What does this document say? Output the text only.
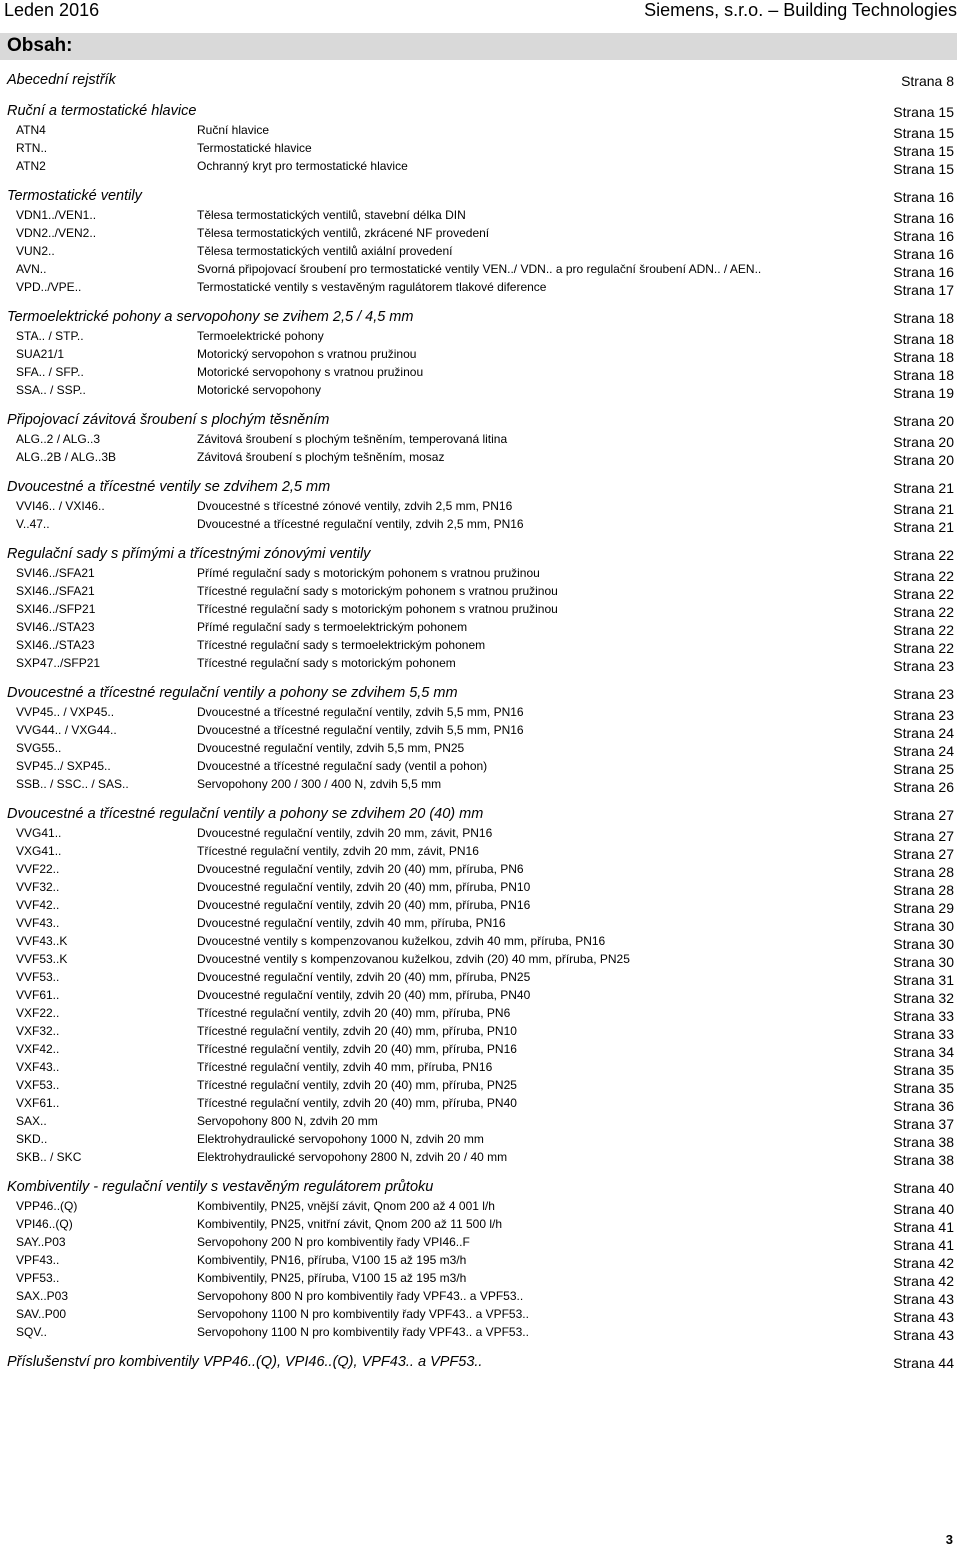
Leden 2016	Siemens, s.r.o. – Building Technologies
Obsah:
Abecední rejstřík	Strana 8
Ruční a termostatické hlavice	Strana 15
ATN4	Ruční hlavice	Strana 15
RTN..	Termostatické hlavice	Strana 15
ATN2	Ochranný kryt pro termostatické hlavice	Strana 15
Termostatické ventily	Strana 16
VDN1../VEN1..	Tělesa termostatických ventilů, stavební délka DIN	Strana 16
VDN2../VEN2..	Tělesa termostatických ventilů, zkrácené NF provedení	Strana 16
VUN2..	Tělesa termostatických ventilů axiální provedení	Strana 16
AVN..	Svorná připojovací šroubení pro termostatické ventily VEN../ VDN.. a pro regulační šroubení ADN.. / AEN..	Strana 16
VPD../VPE..	Termostatické ventily s vestavěným ragulátorem tlakové diference	Strana 17
Termoelektrické pohony a servopohony se zvihem 2,5 / 4,5 mm	Strana 18
STA.. / STP..	Termoelektrické pohony	Strana 18
SUA21/1	Motorický servopohon s vratnou pružinou	Strana 18
SFA.. / SFP..	Motorické servopohony s vratnou pružinou	Strana 18
SSA.. / SSP..	Motorické servopohony	Strana 19
Připojovací závitová šroubení s plochým těsněním	Strana 20
ALG..2 / ALG..3	Závitová šroubení s plochým tešněním, temperovaná litina	Strana 20
ALG..2B / ALG..3B	Závitová šroubení s plochým tešněním, mosaz	Strana 20
Dvoucestné a třícestné ventily se zdvihem 2,5 mm	Strana 21
VVI46.. / VXI46..	Dvoucestné s třícestné zónové ventily, zdvih 2,5 mm, PN16	Strana 21
V..47..	Dvoucestné a třícestné regulační ventily, zdvih 2,5 mm, PN16	Strana 21
Regulační sady s přímými a třícestnými zónovými ventily	Strana 22
SVI46../SFA21	Přímé regulační sady s motorickým pohonem s vratnou pružinou	Strana 22
SXI46../SFA21	Třícestné regulační sady s motorickým pohonem s vratnou pružinou	Strana 22
SXI46../SFP21	Třícestné regulační sady s motorickým pohonem s vratnou pružinou	Strana 22
SVI46../STA23	Přímé regulační sady s termoelektrickým pohonem	Strana 22
SXI46../STA23	Třícestné regulační sady s termoelektrickým pohonem	Strana 22
SXP47../SFP21	Třícestné regulační sady s motorickým pohonem	Strana 23
Dvoucestné a třícestné regulační ventily a pohony se zdvihem 5,5 mm	Strana 23
VVP45.. / VXP45..	Dvoucestné a třícestné regulační ventily, zdvih 5,5 mm, PN16	Strana 23
VVG44.. / VXG44..	Dvoucestné a třícestné regulační ventily, zdvih 5,5 mm, PN16	Strana 24
SVG55..	Dvoucestné regulační ventily, zdvih 5,5 mm, PN25	Strana 24
SVP45../ SXP45..	Dvoucestné a třícestné regulační sady (ventil a pohon)	Strana 25
SSB.. / SSC.. / SAS..	Servopohony 200 / 300 / 400 N, zdvih 5,5 mm	Strana 26
Dvoucestné a třícestné regulační ventily a pohony se zdvihem 20 (40) mm	Strana 27
VVG41..	Dvoucestné regulační ventily, zdvih 20 mm, závit, PN16	Strana 27
VXG41..	Třícestné regulační ventily, zdvih 20 mm, závit, PN16	Strana 27
VVF22..	Dvoucestné regulační ventily, zdvih 20 (40) mm, příruba, PN6	Strana 28
VVF32..	Dvoucestné regulační ventily, zdvih 20 (40) mm, příruba, PN10	Strana 28
VVF42..	Dvoucestné regulační ventily, zdvih 20 (40) mm, příruba, PN16	Strana 29
VVF43..	Dvoucestné regulační ventily, zdvih 40 mm, příruba, PN16	Strana 30
VVF43..K	Dvoucestné ventily s kompenzovanou kuželkou, zdvih 40 mm, příruba, PN16	Strana 30
VVF53..K	Dvoucestné ventily s kompenzovanou kuželkou, zdvih (20) 40 mm, příruba, PN25	Strana 30
VVF53..	Dvoucestné regulační ventily, zdvih 20 (40) mm, příruba, PN25	Strana 31
VVF61..	Dvoucestné regulační ventily, zdvih 20 (40) mm, příruba, PN40	Strana 32
VXF22..	Třícestné regulační ventily, zdvih 20 (40) mm, příruba, PN6	Strana 33
VXF32..	Třícestné regulační ventily, zdvih 20 (40) mm, příruba, PN10	Strana 33
VXF42..	Třícestné regulační ventily, zdvih 20 (40) mm, příruba, PN16	Strana 34
VXF43..	Třícestné regulační ventily, zdvih 40 mm, příruba, PN16	Strana 35
VXF53..	Třícestné regulační ventily, zdvih 20 (40) mm, příruba, PN25	Strana 35
VXF61..	Třícestné regulační ventily, zdvih 20 (40) mm, příruba, PN40	Strana 36
SAX..	Servopohony 800 N, zdvih 20 mm	Strana 37
SKD..	Elektrohydraulické servopohony 1000 N, zdvih 20 mm	Strana 38
SKB.. / SKC	Elektrohydraulické servopohony 2800 N, zdvih 20 / 40 mm	Strana 38
Kombiventily - regulační ventily s vestavěným regulátorem průtoku	Strana 40
VPP46..(Q)	Kombiventily, PN25, vnější závit, Qnom 200 až 4 001 l/h	Strana 40
VPI46..(Q)	Kombiventily, PN25, vnitřní závit, Qnom 200 až 11 500 l/h	Strana 41
SAY..P03	Servopohony 200 N pro kombiventily řady VPI46..F	Strana 41
VPF43..	Kombiventily, PN16, příruba, V100 15 až 195 m3/h	Strana 42
VPF53..	Kombiventily, PN25, příruba, V100 15 až 195 m3/h	Strana 42
SAX..P03	Servopohony 800 N pro kombiventily řady VPF43.. a VPF53..	Strana 43
SAV..P00	Servopohony 1100 N pro kombiventily řady VPF43.. a VPF53..	Strana 43
SQV..	Servopohony 1100 N pro kombiventily řady VPF43.. a VPF53..	Strana 43
Příslušenství pro kombiventily VPP46..(Q), VPI46..(Q), VPF43.. a VPF53..	Strana 44
3
